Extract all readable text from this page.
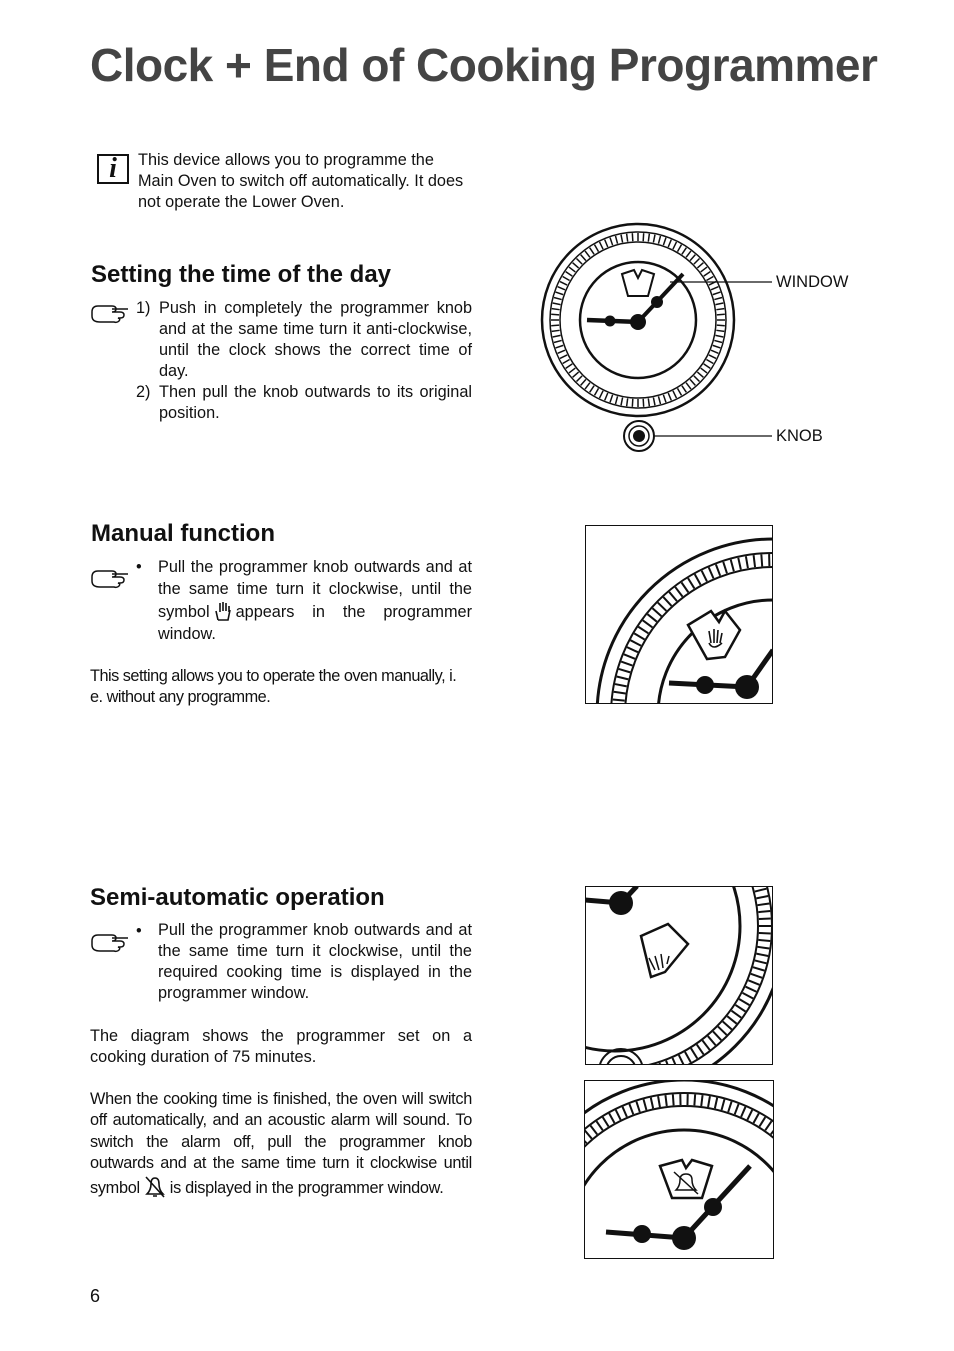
Clock + End of Cooking Programmer
i	This device allows you to programme the Main Oven to switch off automatically. It does not operate the Lower Oven.
Setting the time of the day
1) Push in completely the programmer knob and at the same time turn it anti-clockwise, until the clock shows the correct time of day.
2) Then pull the knob outwards to its original position.
WINDOW
KNOB
Manual function
• Pull the programmer knob outwards and at the same time turn it clockwise, until the symbol appears in the programmer window.
This setting allows you to operate the oven manually, i. e. without any programme.
Semi-automatic operation
• Pull the programmer knob outwards and at the same time turn it clockwise, until the required cooking time is displayed in the programmer window.
The diagram shows the programmer set on a cooking duration of 75 minutes.
When the cooking time is finished, the oven will switch off automatically, and an acoustic alarm will sound. To switch the alarm off, pull the programmer knob outwards and at the same time turn it clockwise until symbol is displayed in the programmer window.
6
